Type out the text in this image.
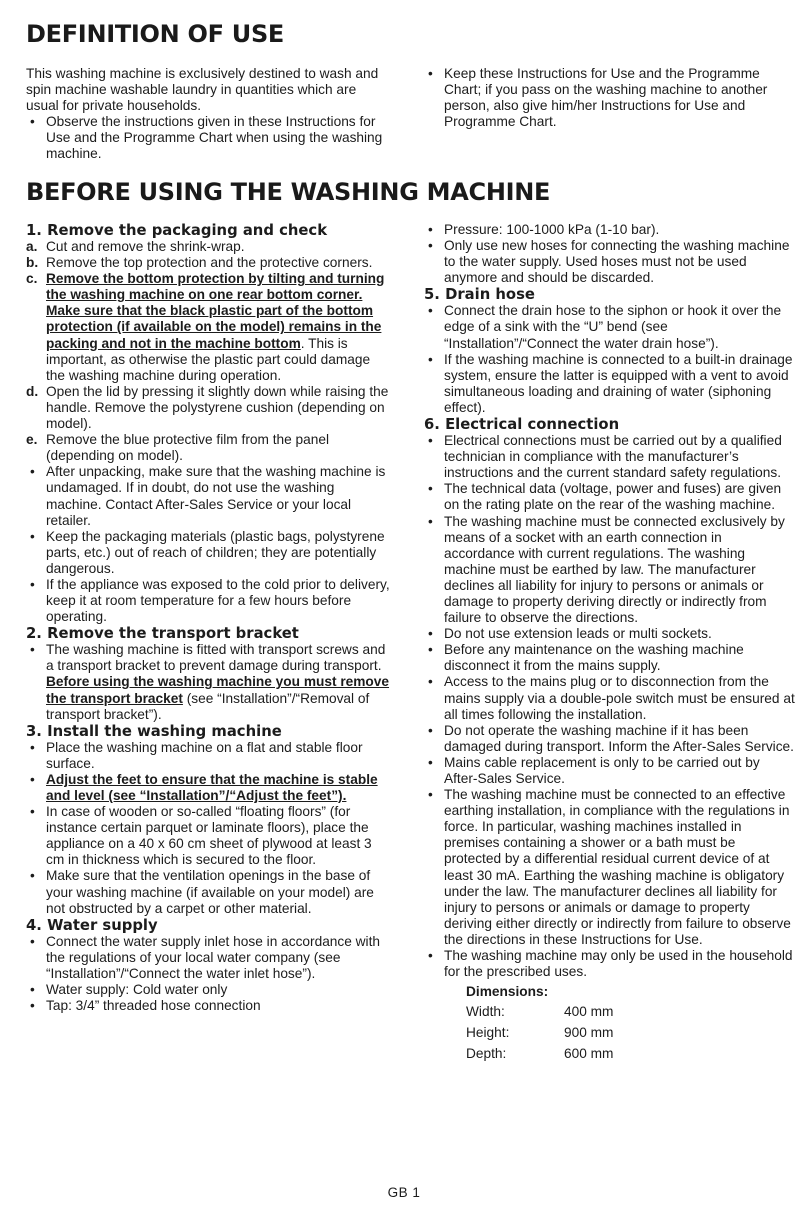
DEFINITION OF USE

This washing machine is exclusively destined to wash and spin machine washable laundry in quantities which are usual for private households.

• Observe the instructions given in these Instructions for Use and the Programme Chart when using the washing machine.

• Keep these Instructions for Use and the Programme Chart; if you pass on the washing machine to another person, also give him/her Instructions for Use and Programme Chart.

BEFORE USING THE WASHING MACHINE
1. Remove the packaging and check

a. Cut and remove the shrink-wrap.

b. Remove the top protection and the protective corners.

c. Remove the bottom protection by tilting and turning the washing machine on one rear bottom corner. Make sure that the black plastic part of the bottom protection (if available on the model) remains in the packing and not in the machine bottom. This is important, as otherwise the plastic part could damage the washing machine during operation.

d. Open the lid by pressing it slightly down while raising the handle. Remove the polystyrene cushion (depending on model).

e. Remove the blue protective film from the panel (depending on model).

• After unpacking, make sure that the washing machine is undamaged. If in doubt, do not use the washing machine. Contact After-Sales Service or your local retailer.

• Keep the packaging materials (plastic bags, polystyrene parts, etc.) out of reach of children; they are potentially dangerous.

• If the appliance was exposed to the cold prior to delivery, keep it at room temperature for a few hours before operating.

2. Remove the transport bracket

• The washing machine is fitted with transport screws and a transport bracket to prevent damage during transport. Before using the washing machine you must remove the transport bracket (see “Installation”/“Removal of transport bracket”).

3. Install the washing machine

• Place the washing machine on a flat and stable floor surface.

• Adjust the feet to ensure that the machine is stable and level (see “Installation”/“Adjust the feet”).

• In case of wooden or so-called “floating floors” (for instance certain parquet or laminate floors), place the appliance on a 40 x 60 cm sheet of plywood at least 3 cm in thickness which is secured to the floor.

• Make sure that the ventilation openings in the base of your washing machine (if available on your model) are not obstructed by a carpet or other material.

4. Water supply

• Connect the water supply inlet hose in accordance with the regulations of your local water company (see “Installation”/“Connect the water inlet hose”).

• Water supply: Cold water only

• Tap: 3/4” threaded hose connection

• Pressure: 100-1000 kPa (1-10 bar).

• Only use new hoses for connecting the washing machine to the water supply. Used hoses must not be used anymore and should be discarded.

5. Drain hose

• Connect the drain hose to the siphon or hook it over the edge of a sink with the “U” bend (see “Installation”/“Connect the water drain hose”).

• If the washing machine is connected to a built-in drainage system, ensure the latter is equipped with a vent to avoid simultaneous loading and draining of water (siphoning effect).

6. Electrical connection

• Electrical connections must be carried out by a qualified technician in compliance with the manufacturer’s instructions and the current standard safety regulations.

• The technical data (voltage, power and fuses) are given on the rating plate on the rear of the washing machine.

• The washing machine must be connected exclusively by means of a socket with an earth connection in accordance with current regulations. The washing machine must be earthed by law. The manufacturer declines all liability for injury to persons or animals or damage to property deriving directly or indirectly from failure to observe the directions.

• Do not use extension leads or multi sockets.

• Before any maintenance on the washing machine disconnect it from the mains supply.

• Access to the mains plug or to disconnection from the mains supply via a double-pole switch must be ensured at all times following the installation.

• Do not operate the washing machine if it has been damaged during transport. Inform the After-Sales Service.

• Mains cable replacement is only to be carried out by After-Sales Service.

• The washing machine must be connected to an effective earthing installation, in compliance with the regulations in force. In particular, washing machines installed in premises containing a shower or a bath must be protected by a differential residual current device of at least 30 mA. Earthing the washing machine is obligatory under the law. The manufacturer declines all liability for injury to persons or animals or damage to property deriving either directly or indirectly from failure to observe the directions in these Instructions for Use.

• The washing machine may only be used in the household for the prescribed uses.

Dimensions:
Width:	400 mm
Height:	900 mm
Depth:	600 mm
GB 1
